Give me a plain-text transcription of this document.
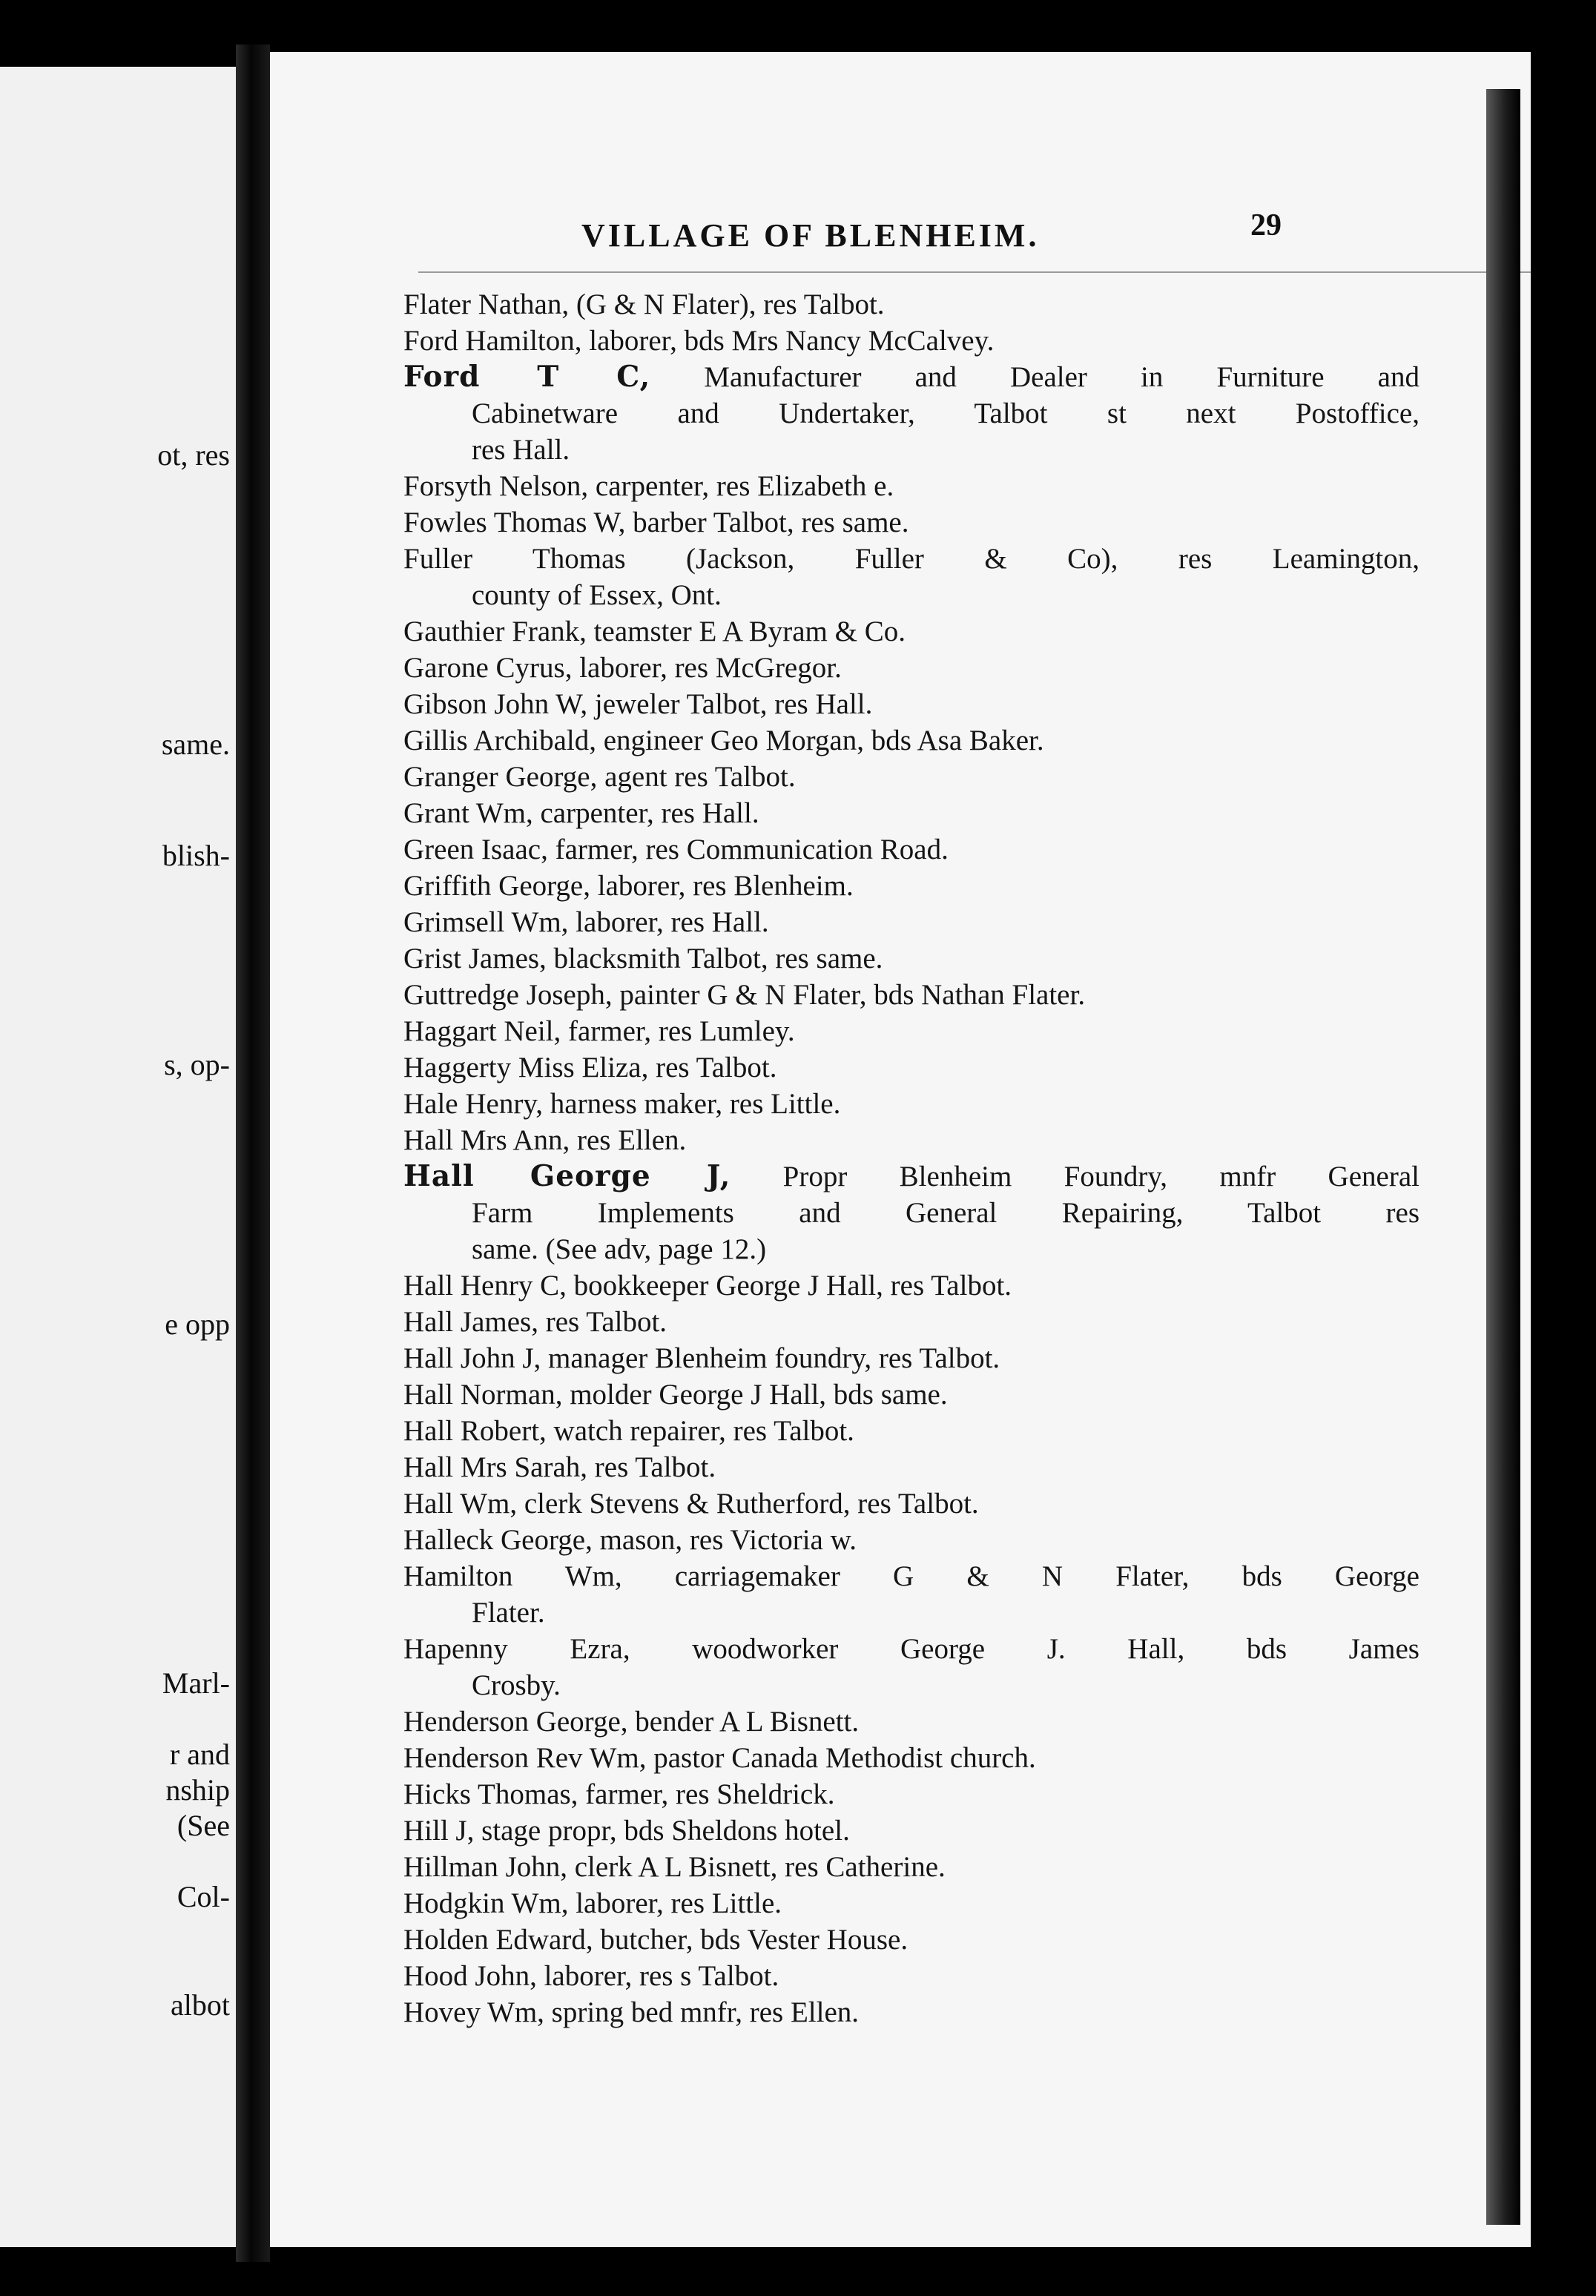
ot, res
same.
blish-
s, op-
e opp
Marl-
r and
nship
(See
Col-
albot
VILLAGE OF BLENHEIM.	29
Flater Nathan, (G & N Flater), res Talbot.
Ford Hamilton, laborer, bds Mrs Nancy McCalvey.
Ford T C, Manufacturer and Dealer in Furniture and
Cabinetware and Undertaker, Talbot st next Postoffice,
res Hall.
Forsyth Nelson, carpenter, res Elizabeth e.
Fowles Thomas W, barber Talbot, res same.
Fuller Thomas (Jackson, Fuller & Co), res Leamington,
county of Essex, Ont.
Gauthier Frank, teamster E A Byram & Co.
Garone Cyrus, laborer, res McGregor.
Gibson John W, jeweler Talbot, res Hall.
Gillis Archibald, engineer Geo Morgan, bds Asa Baker.
Granger George, agent res Talbot.
Grant Wm, carpenter, res Hall.
Green Isaac, farmer, res Communication Road.
Griffith George, laborer, res Blenheim.
Grimsell Wm, laborer, res Hall.
Grist James, blacksmith Talbot, res same.
Guttredge Joseph, painter G & N Flater, bds Nathan Flater.
Haggart Neil, farmer, res Lumley.
Haggerty Miss Eliza, res Talbot.
Hale Henry, harness maker, res Little.
Hall Mrs Ann, res Ellen.
Hall George J, Propr Blenheim Foundry, mnfr General
Farm Implements and General Repairing, Talbot res
same. (See adv, page 12.)
Hall Henry C, bookkeeper George J Hall, res Talbot.
Hall James, res Talbot.
Hall John J, manager Blenheim foundry, res Talbot.
Hall Norman, molder George J Hall, bds same.
Hall Robert, watch repairer, res Talbot.
Hall Mrs Sarah, res Talbot.
Hall Wm, clerk Stevens & Rutherford, res Talbot.
Halleck George, mason, res Victoria w.
Hamilton Wm, carriagemaker G & N Flater, bds George
Flater.
Hapenny Ezra, woodworker George J. Hall, bds James
Crosby.
Henderson George, bender A L Bisnett.
Henderson Rev Wm, pastor Canada Methodist church.
Hicks Thomas, farmer, res Sheldrick.
Hill J, stage propr, bds Sheldons hotel.
Hillman John, clerk A L Bisnett, res Catherine.
Hodgkin Wm, laborer, res Little.
Holden Edward, butcher, bds Vester House.
Hood John, laborer, res s Talbot.
Hovey Wm, spring bed mnfr, res Ellen.
